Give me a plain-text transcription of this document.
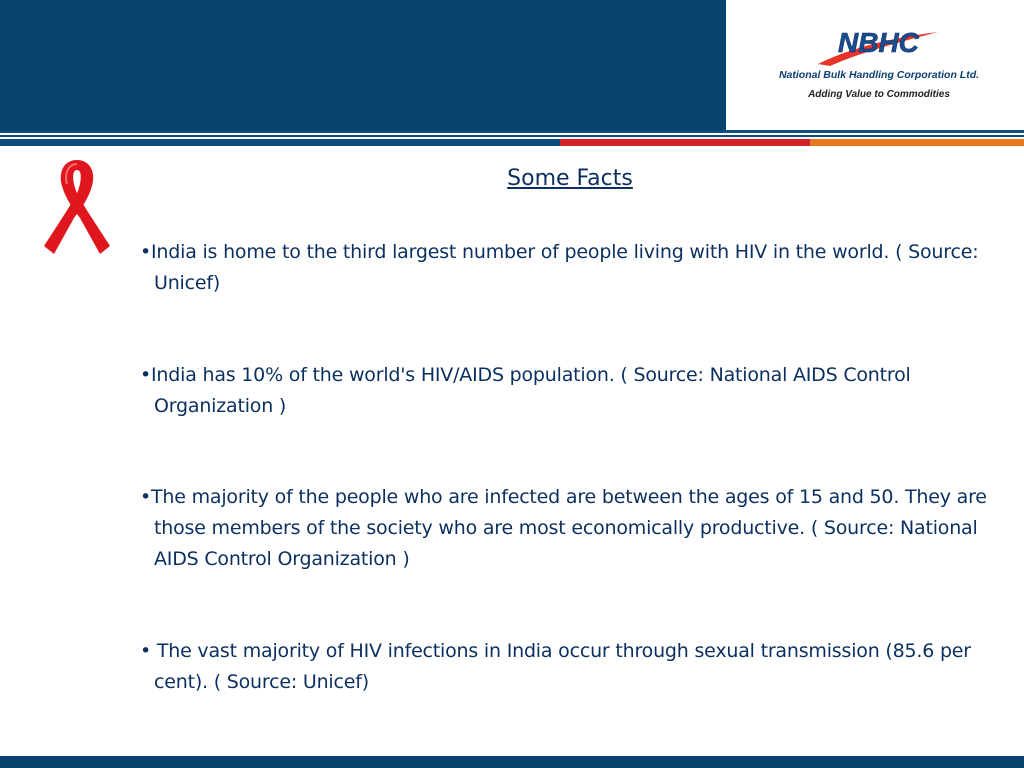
NBHC
National Bulk Handling Corporation Ltd.
Adding Value to Commodities
Some Facts
•India is home to the third largest number of people living with HIV in the world. ( Source: Unicef)
•India has 10% of the world's HIV/AIDS population. ( Source: National AIDS Control Organization )
•The majority of the people who are infected are between the ages of 15 and 50. They are those members of the society who are most economically productive. ( Source: National AIDS Control Organization )
• The vast majority of HIV infections in India occur through sexual transmission (85.6 per cent). ( Source: Unicef)
